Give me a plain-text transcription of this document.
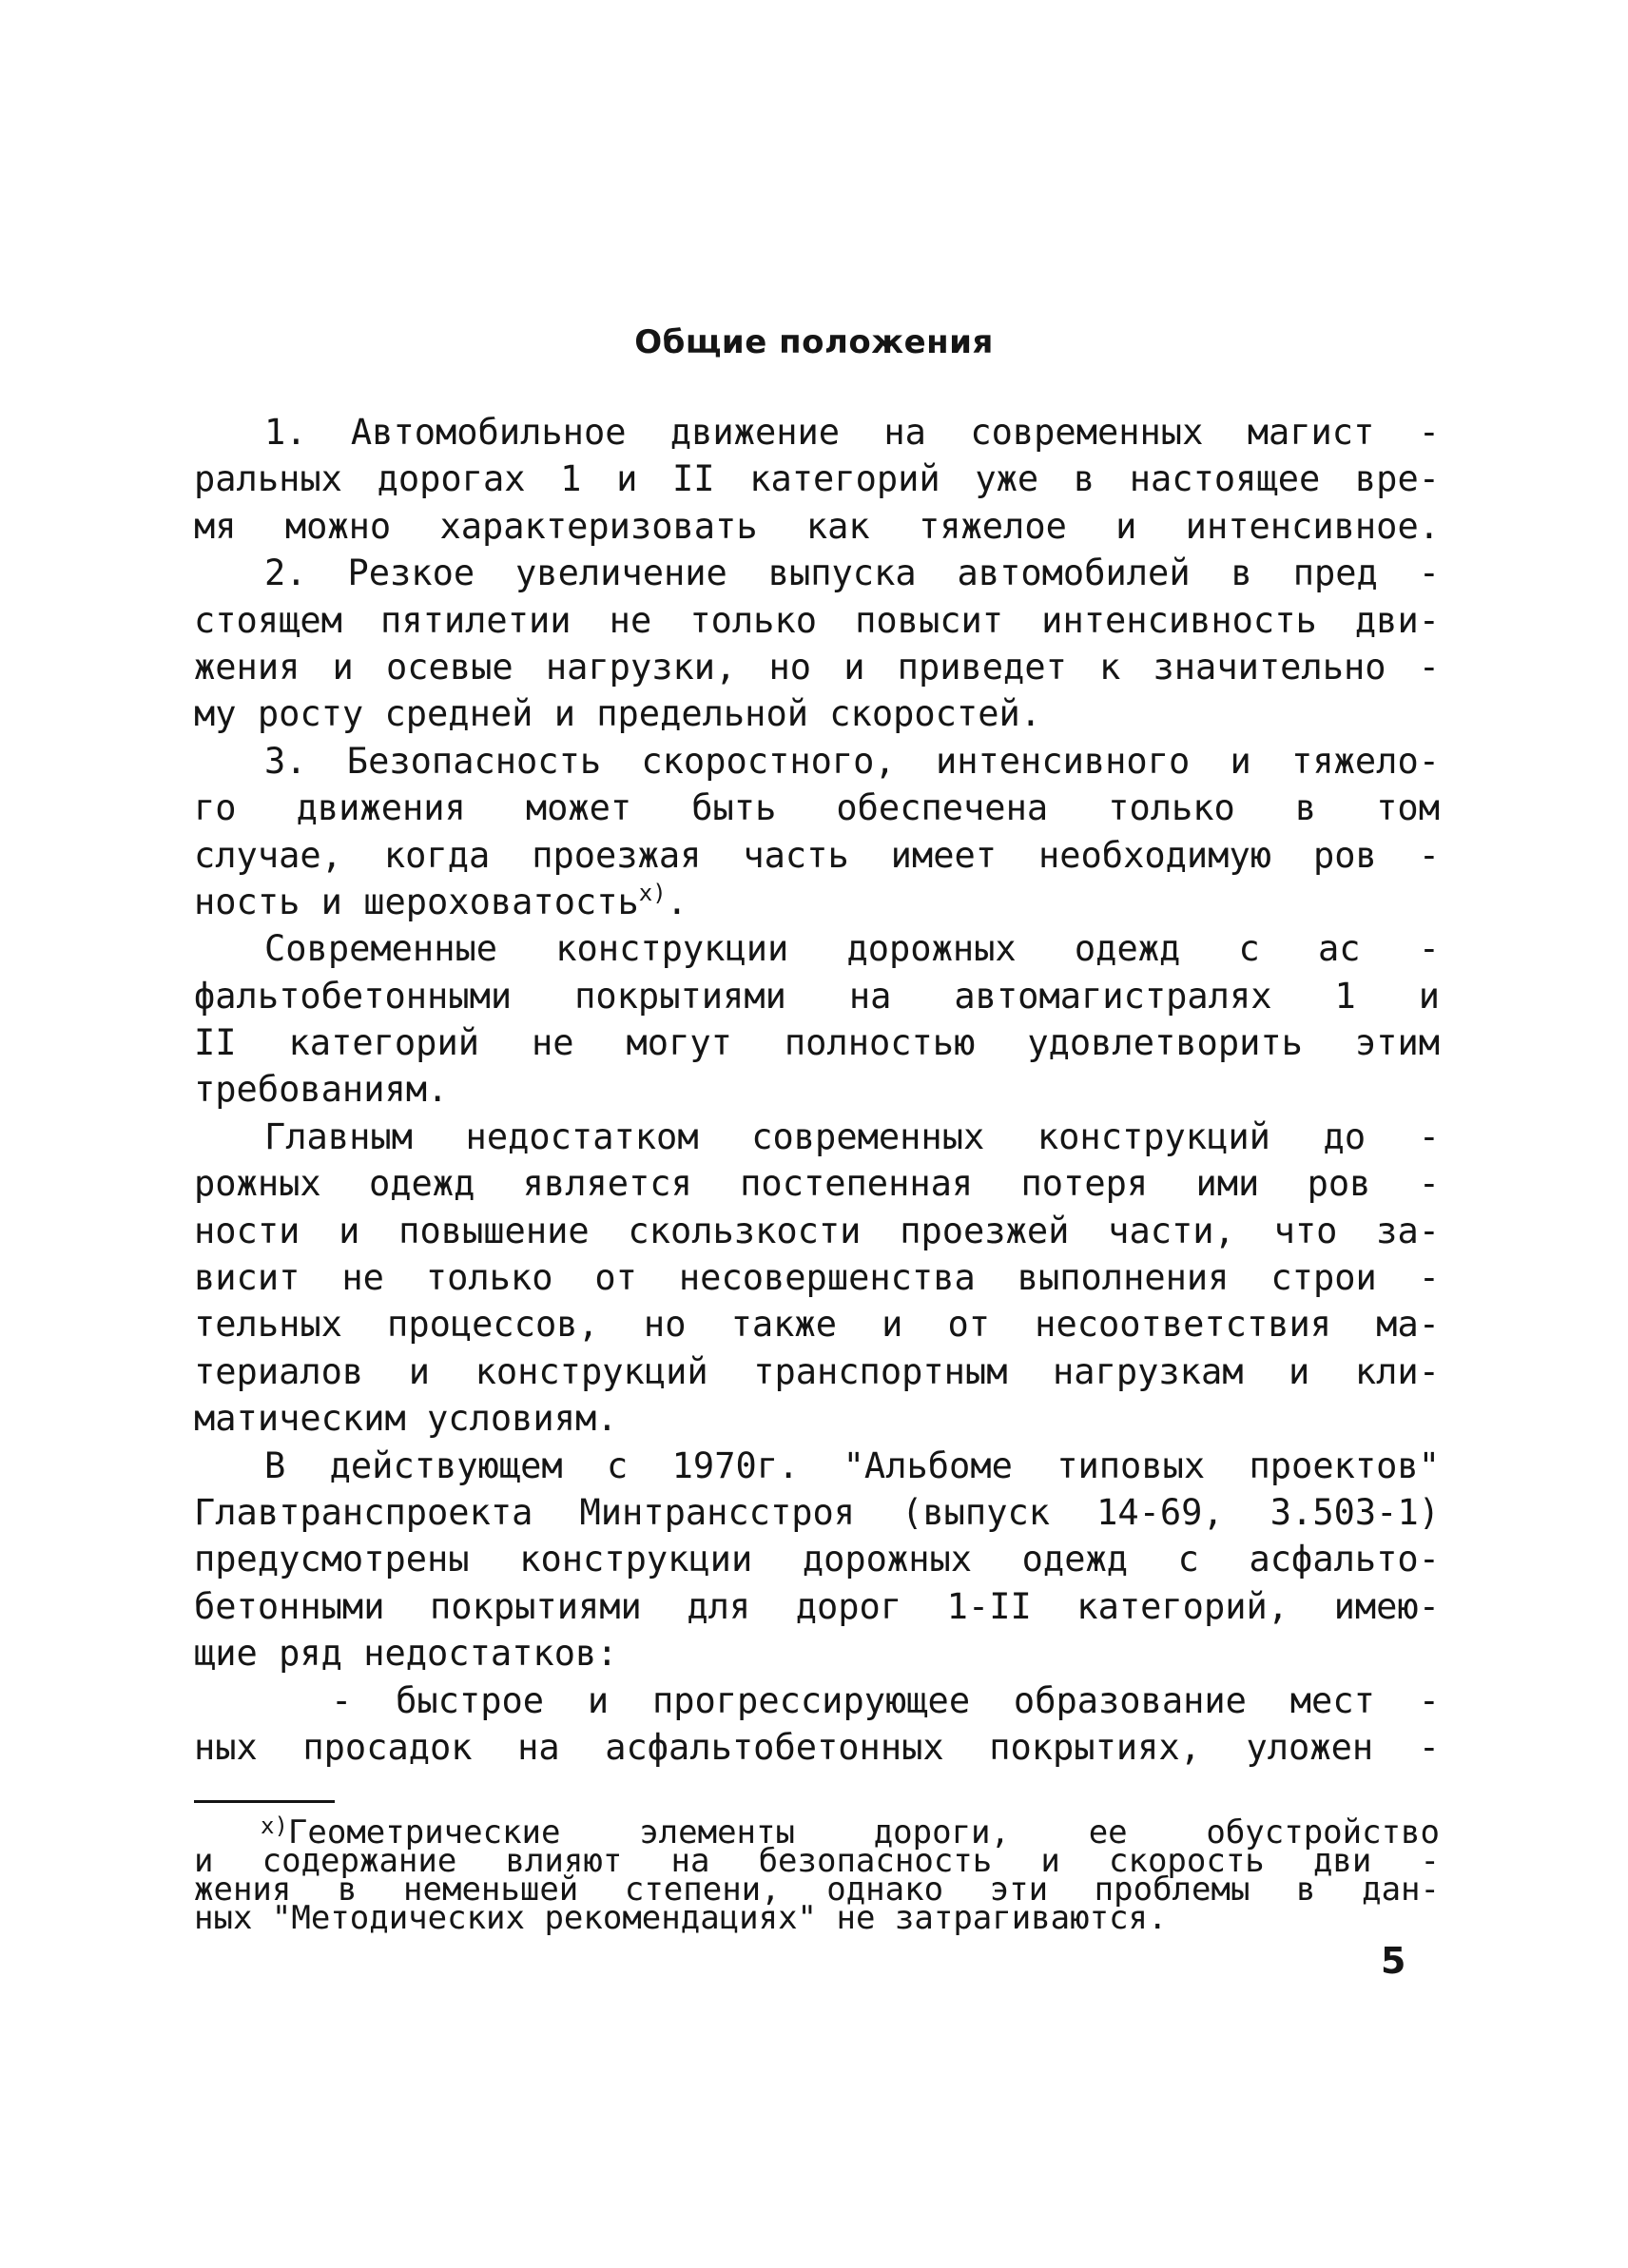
Общие положения
1. Автомобильное движение на современных магист -
ральных дорогах 1 и II категорий уже в настоящее вре-
мя можно характеризовать как тяжелое и интенсивное.
2. Резкое увеличение выпуска автомобилей в пред -
стоящем пятилетии не только повысит интенсивность дви-
жения и осевые нагрузки, но и приведет к значительно -
му росту средней и предельной скоростей.
3. Безопасность скоростного, интенсивного и тяжело-
го движения может быть обеспечена только в том
случае, когда проезжая часть имеет необходимую ров -
ность и шероховатость$^{х)}$.
Современные конструкции дорожных одежд с ас -
фальтобетонными покрытиями на автомагистралях 1 и
II категорий не могут полностью удовлетворить этим
требованиям.
Главным недостатком современных конструкций до -
рожных одежд является постепенная потеря ими ров -
ности и повышение скользкости проезжей части, что за-
висит не только от несовершенства выполнения строи -
тельных процессов, но также и от несоответствия ма-
териалов и конструкций транспортным нагрузкам и кли-
матическим условиям.
В действующем с 1970г. "Альбоме типовых проектов"
Главтранспроекта Минтрансстроя (выпуск 14-69, 3.503-1)
предусмотрены конструкции дорожных одежд с асфальто-
бетонными покрытиями для дорог 1-II категорий, имею-
щие ряд недостатков:
- быстрое и прогрессирующее образование мест -
ных просадок на асфальтобетонных покрытиях, уложен -
$^{х)}$Геометрические элементы дороги, ее обустройство
и содержание влияют на безопасность и скорость дви -
жения в неменьшей степени, однако эти проблемы в дан-
ных "Методических рекомендациях" не затрагиваются.
5
